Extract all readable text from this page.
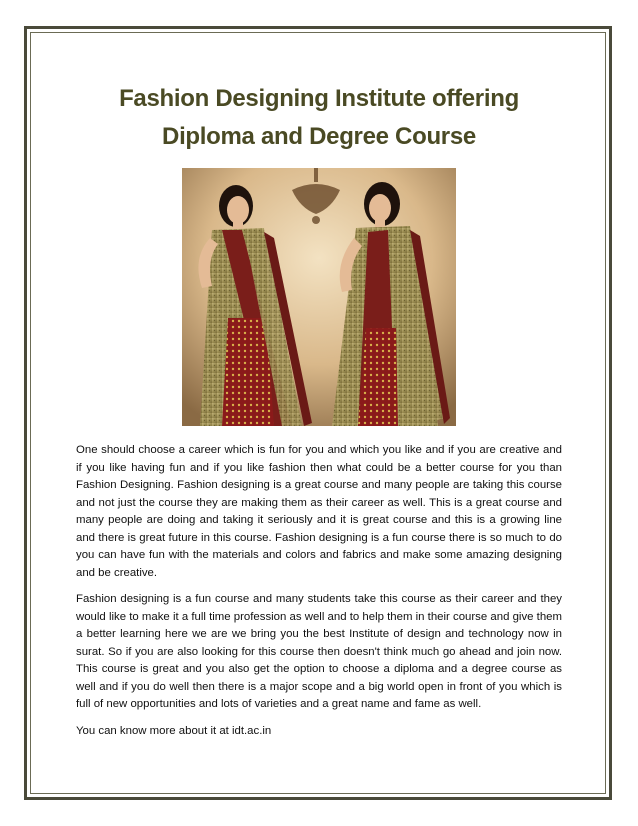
Fashion Designing Institute offering
Diploma and Degree Course

One should choose a career which is fun for you and which you like and if you are creative and if you like having fun and if you like fashion then what could be a better course for you than Fashion Designing. Fashion designing is a great course and many people are taking this course and not just the course they are making them as their career as well. This is a great course and many people are doing and taking it seriously and it is great course and this is a growing line and there is great future in this course. Fashion designing is a fun course there is so much to do you can have fun with the materials and colors and fabrics and make some amazing designing and be creative.

Fashion designing is a fun course and many students take this course as their career and they would like to make it a full time profession as well and to help them in their course and give them a better learning here we are we bring you the best Institute of design and technology now in surat. So if you are also looking for this course then doesn't think much go ahead and join now. This course is great and you also get the option to choose a diploma and a degree course as well and if you do well then there is a major scope and a big world open in front of you which is full of new opportunities and lots of varieties and a great name and fame as well.

You can know more about it at idt.ac.in
